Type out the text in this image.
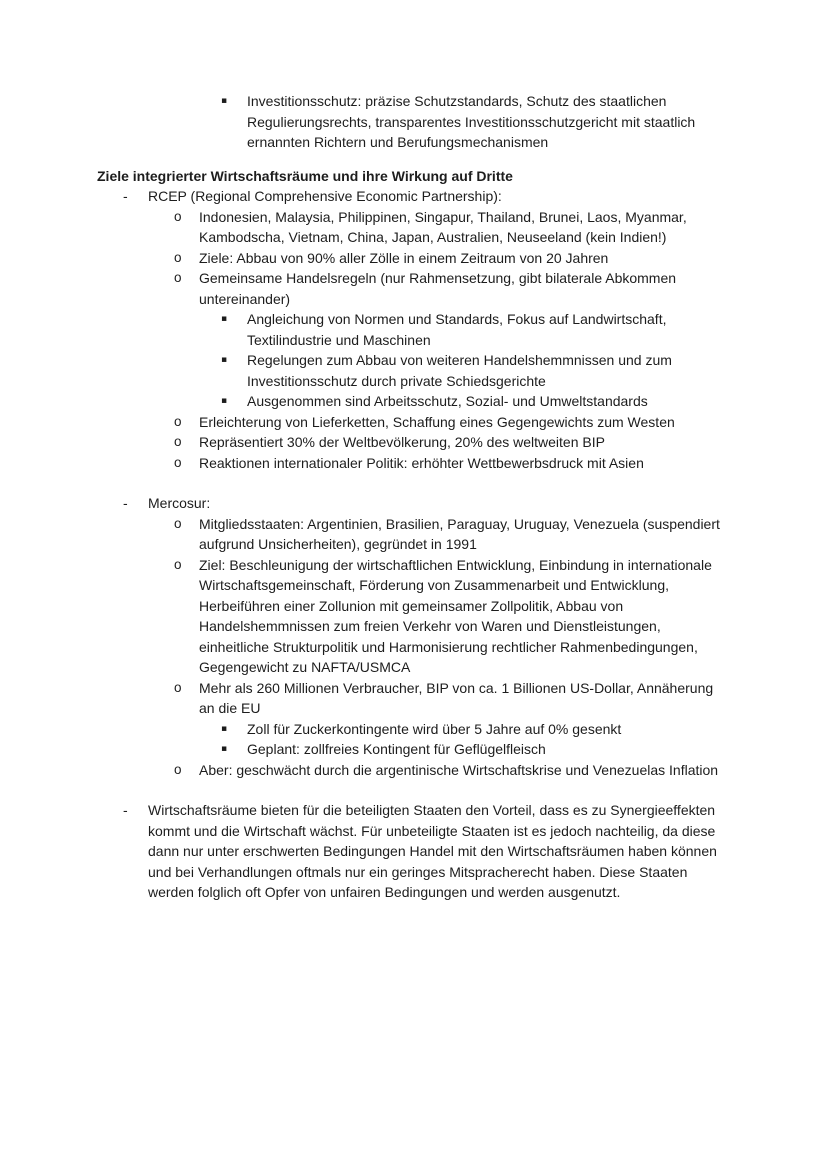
▪ Investitionsschutz: präzise Schutzstandards, Schutz des staatlichen Regulierungsrechts, transparentes Investitionsschutzgericht mit staatlich ernannten Richtern und Berufungsmechanismen
Ziele integrierter Wirtschaftsräume und ihre Wirkung auf Dritte
- RCEP (Regional Comprehensive Economic Partnership):
o Indonesien, Malaysia, Philippinen, Singapur, Thailand, Brunei, Laos, Myanmar, Kambodscha, Vietnam, China, Japan, Australien, Neuseeland (kein Indien!)
o Ziele: Abbau von 90% aller Zölle in einem Zeitraum von 20 Jahren
o Gemeinsame Handelsregeln (nur Rahmensetzung, gibt bilaterale Abkommen untereinander)
▪ Angleichung von Normen und Standards, Fokus auf Landwirtschaft, Textilindustrie und Maschinen
▪ Regelungen zum Abbau von weiteren Handelshemmnissen und zum Investitionsschutz durch private Schiedsgerichte
▪ Ausgenommen sind Arbeitsschutz, Sozial- und Umweltstandards
o Erleichterung von Lieferketten, Schaffung eines Gegengewichts zum Westen
o Repräsentiert 30% der Weltbevölkerung, 20% des weltweiten BIP
o Reaktionen internationaler Politik: erhöhter Wettbewerbsdruck mit Asien
- Mercosur:
o Mitgliedsstaaten: Argentinien, Brasilien, Paraguay, Uruguay, Venezuela (suspendiert aufgrund Unsicherheiten), gegründet in 1991
o Ziel: Beschleunigung der wirtschaftlichen Entwicklung, Einbindung in internationale Wirtschaftsgemeinschaft, Förderung von Zusammenarbeit und Entwicklung, Herbeiführen einer Zollunion mit gemeinsamer Zollpolitik, Abbau von Handelshemmnissen zum freien Verkehr von Waren und Dienstleistungen, einheitliche Strukturpolitik und Harmonisierung rechtlicher Rahmenbedingungen, Gegengewicht zu NAFTA/USMCA
o Mehr als 260 Millionen Verbraucher, BIP von ca. 1 Billionen US-Dollar, Annäherung an die EU
▪ Zoll für Zuckerkontingente wird über 5 Jahre auf 0% gesenkt
▪ Geplant: zollfreies Kontingent für Geflügelfleisch
o Aber: geschwächt durch die argentinische Wirtschaftskrise und Venezuelas Inflation
- Wirtschaftsräume bieten für die beteiligten Staaten den Vorteil, dass es zu Synergieeffekten kommt und die Wirtschaft wächst. Für unbeteiligte Staaten ist es jedoch nachteilig, da diese dann nur unter erschwerten Bedingungen Handel mit den Wirtschaftsräumen haben können und bei Verhandlungen oftmals nur ein geringes Mitspracherecht haben. Diese Staaten werden folglich oft Opfer von unfairen Bedingungen und werden ausgenutzt.
